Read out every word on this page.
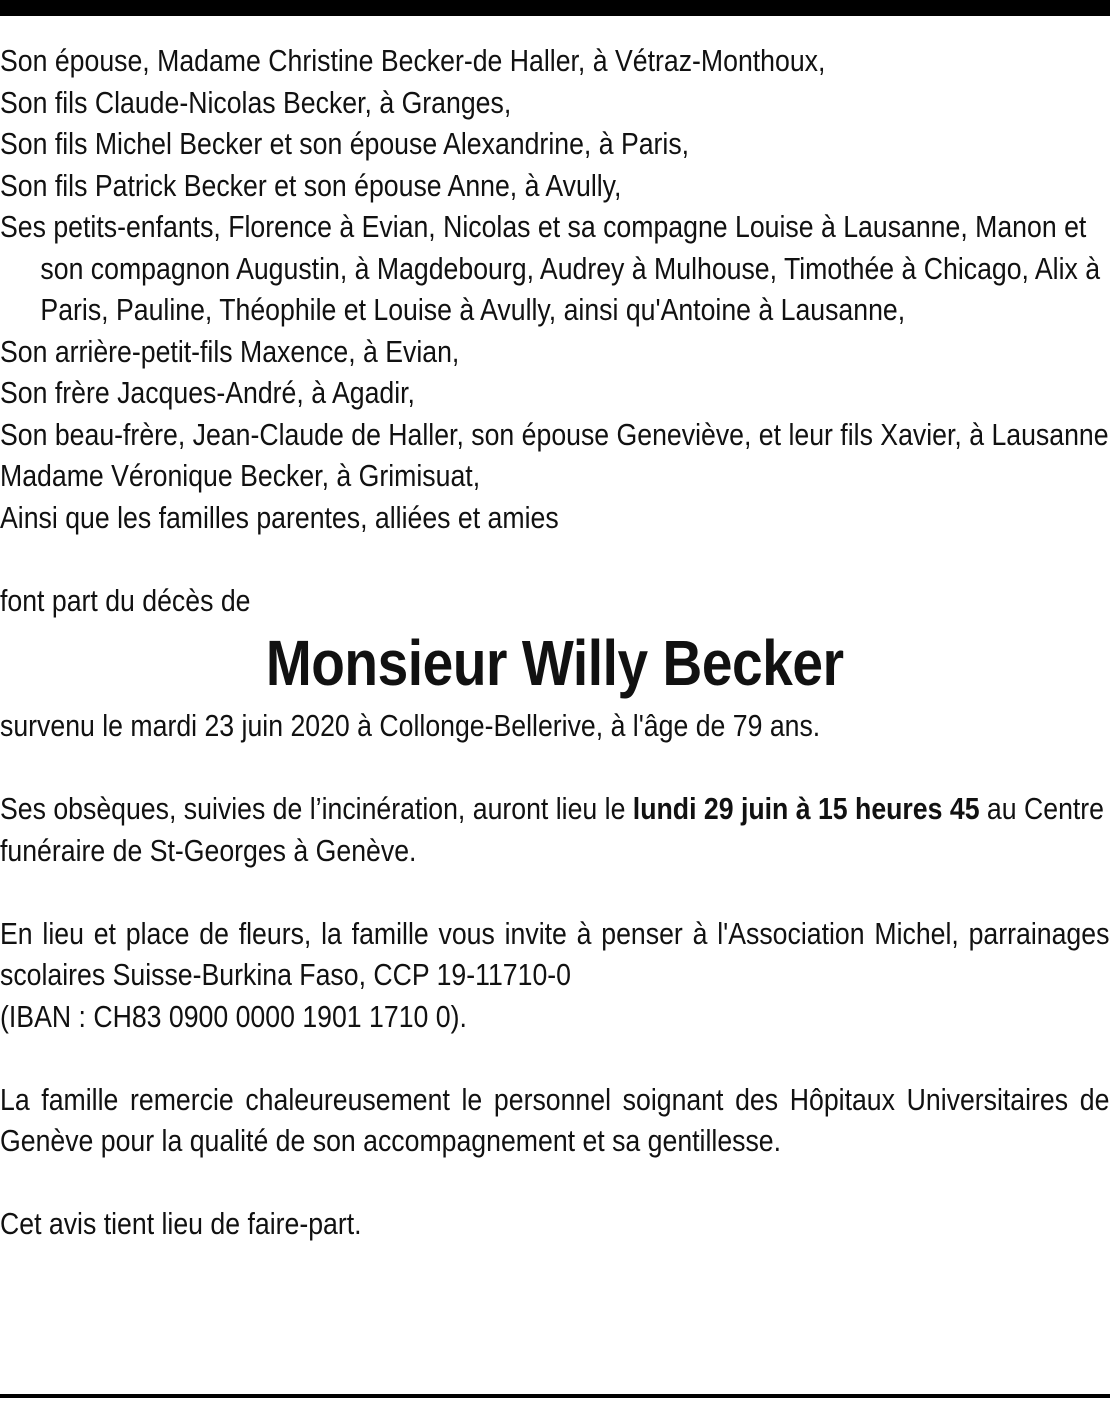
Son épouse, Madame Christine Becker-de Haller, à Vétraz-Monthoux,

Son fils Claude-Nicolas Becker, à Granges,

Son fils Michel Becker et son épouse Alexandrine, à Paris,

Son fils Patrick Becker et son épouse Anne, à Avully,

Ses petits-enfants, Florence à Evian, Nicolas et sa compagne Louise à Lausanne, Manon et son compagnon Augustin, à Magdebourg, Audrey à Mulhouse, Timothée à Chicago, Alix à Paris, Pauline, Théophile et Louise à Avully, ainsi qu'Antoine à Lausanne,

Son arrière-petit-fils Maxence, à Evian,

Son frère Jacques-André, à Agadir,

Son beau-frère, Jean-Claude de Haller, son épouse Geneviève, et leur fils Xavier, à Lausanne

Madame Véronique Becker, à Grimisuat,

Ainsi que les familles parentes, alliées et amies

font part du décès de

Monsieur Willy Becker

survenu le mardi 23 juin 2020 à Collonge-Bellerive, à l'âge de 79 ans.

Ses obsèques, suivies de l’incinération, auront lieu le lundi 29 juin à 15 heures 45 au Centre funéraire de St-Georges à Genève.

En lieu et place de fleurs, la famille vous invite à penser à l'Association Michel, parrainages scolaires Suisse-Burkina Faso, CCP 19-11710-0

(IBAN : CH83 0900 0000 1901 1710 0).

La famille remercie chaleureusement le personnel soignant des Hôpitaux Universitaires de Genève pour la qualité de son accompagnement et sa gentillesse.

Cet avis tient lieu de faire-part.
